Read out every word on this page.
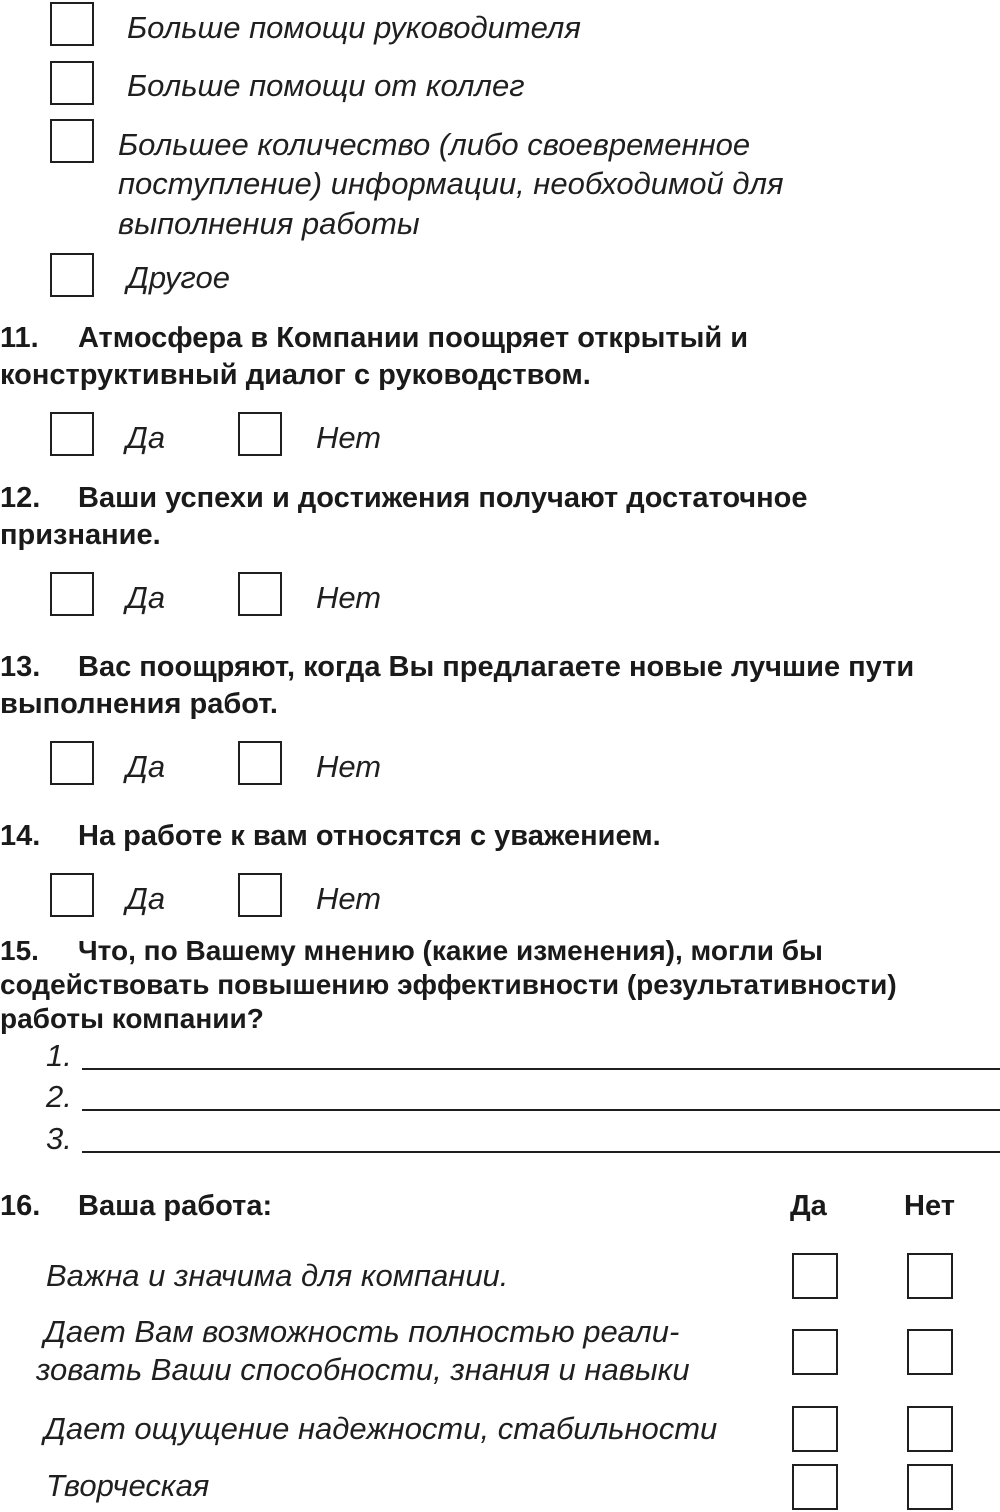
Больше помощи руководителя
Больше помощи от коллег
Большее количество (либо своевременное
поступление) информации, необходимой для
выполнения работы
Другое
11. Атмосфера в Компании поощряет открытый и
конструктивный диалог с руководством.
Да	Нет
12. Ваши успехи и достижения получают достаточное
признание.
Да	Нет
13. Вас поощряют, когда Вы предлагаете новые лучшие пути
выполнения работ.
Да	Нет
14. На работе к вам относятся с уважением.
Да	Нет
15. Что, по Вашему мнению (какие изменения), могли бы
содействовать повышению эффективности (результативности)
работы компании?
1.
2.
3.
16. Ваша работа:	Да	Нет
Важна и значима для компании.
Дает Вам возможность полностью реали-
зовать Ваши способности, знания и навыки
Дает ощущение надежности, стабильности
Творческая
